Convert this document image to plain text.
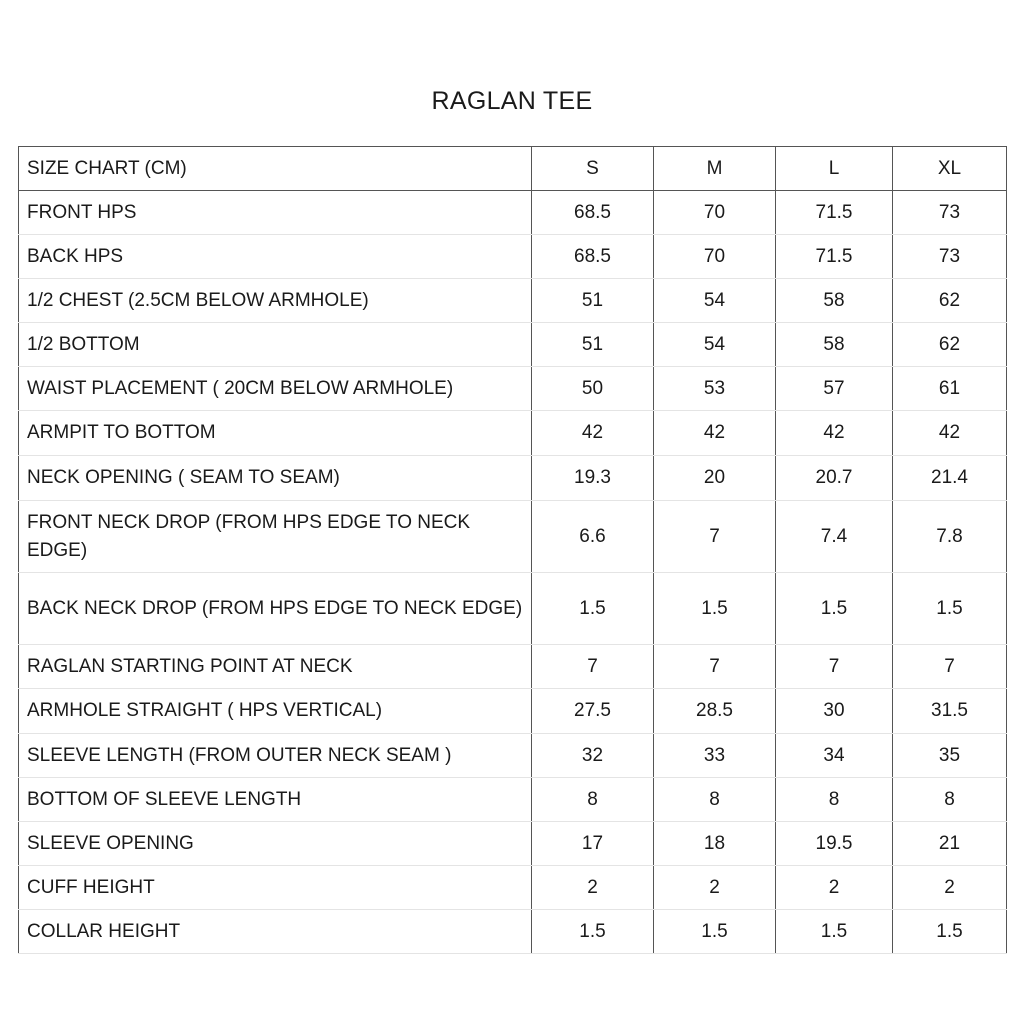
RAGLAN TEE
SIZE CHART (CM)	S	M	L	XL
FRONT HPS	68.5	70	71.5	73
BACK HPS	68.5	70	71.5	73
1/2 CHEST (2.5CM BELOW ARMHOLE)	51	54	58	62
1/2 BOTTOM	51	54	58	62
WAIST PLACEMENT ( 20CM BELOW ARMHOLE)	50	53	57	61
ARMPIT TO BOTTOM	42	42	42	42
NECK OPENING ( SEAM TO SEAM)	19.3	20	20.7	21.4
FRONT NECK DROP (FROM HPS EDGE TO NECK EDGE)	6.6	7	7.4	7.8
BACK NECK DROP (FROM HPS EDGE TO NECK EDGE)	1.5	1.5	1.5	1.5
RAGLAN STARTING POINT AT NECK	7	7	7	7
ARMHOLE STRAIGHT ( HPS VERTICAL)	27.5	28.5	30	31.5
SLEEVE LENGTH (FROM OUTER NECK SEAM )	32	33	34	35
BOTTOM OF SLEEVE LENGTH	8	8	8	8
SLEEVE OPENING	17	18	19.5	21
CUFF HEIGHT	2	2	2	2
COLLAR HEIGHT	1.5	1.5	1.5	1.5
